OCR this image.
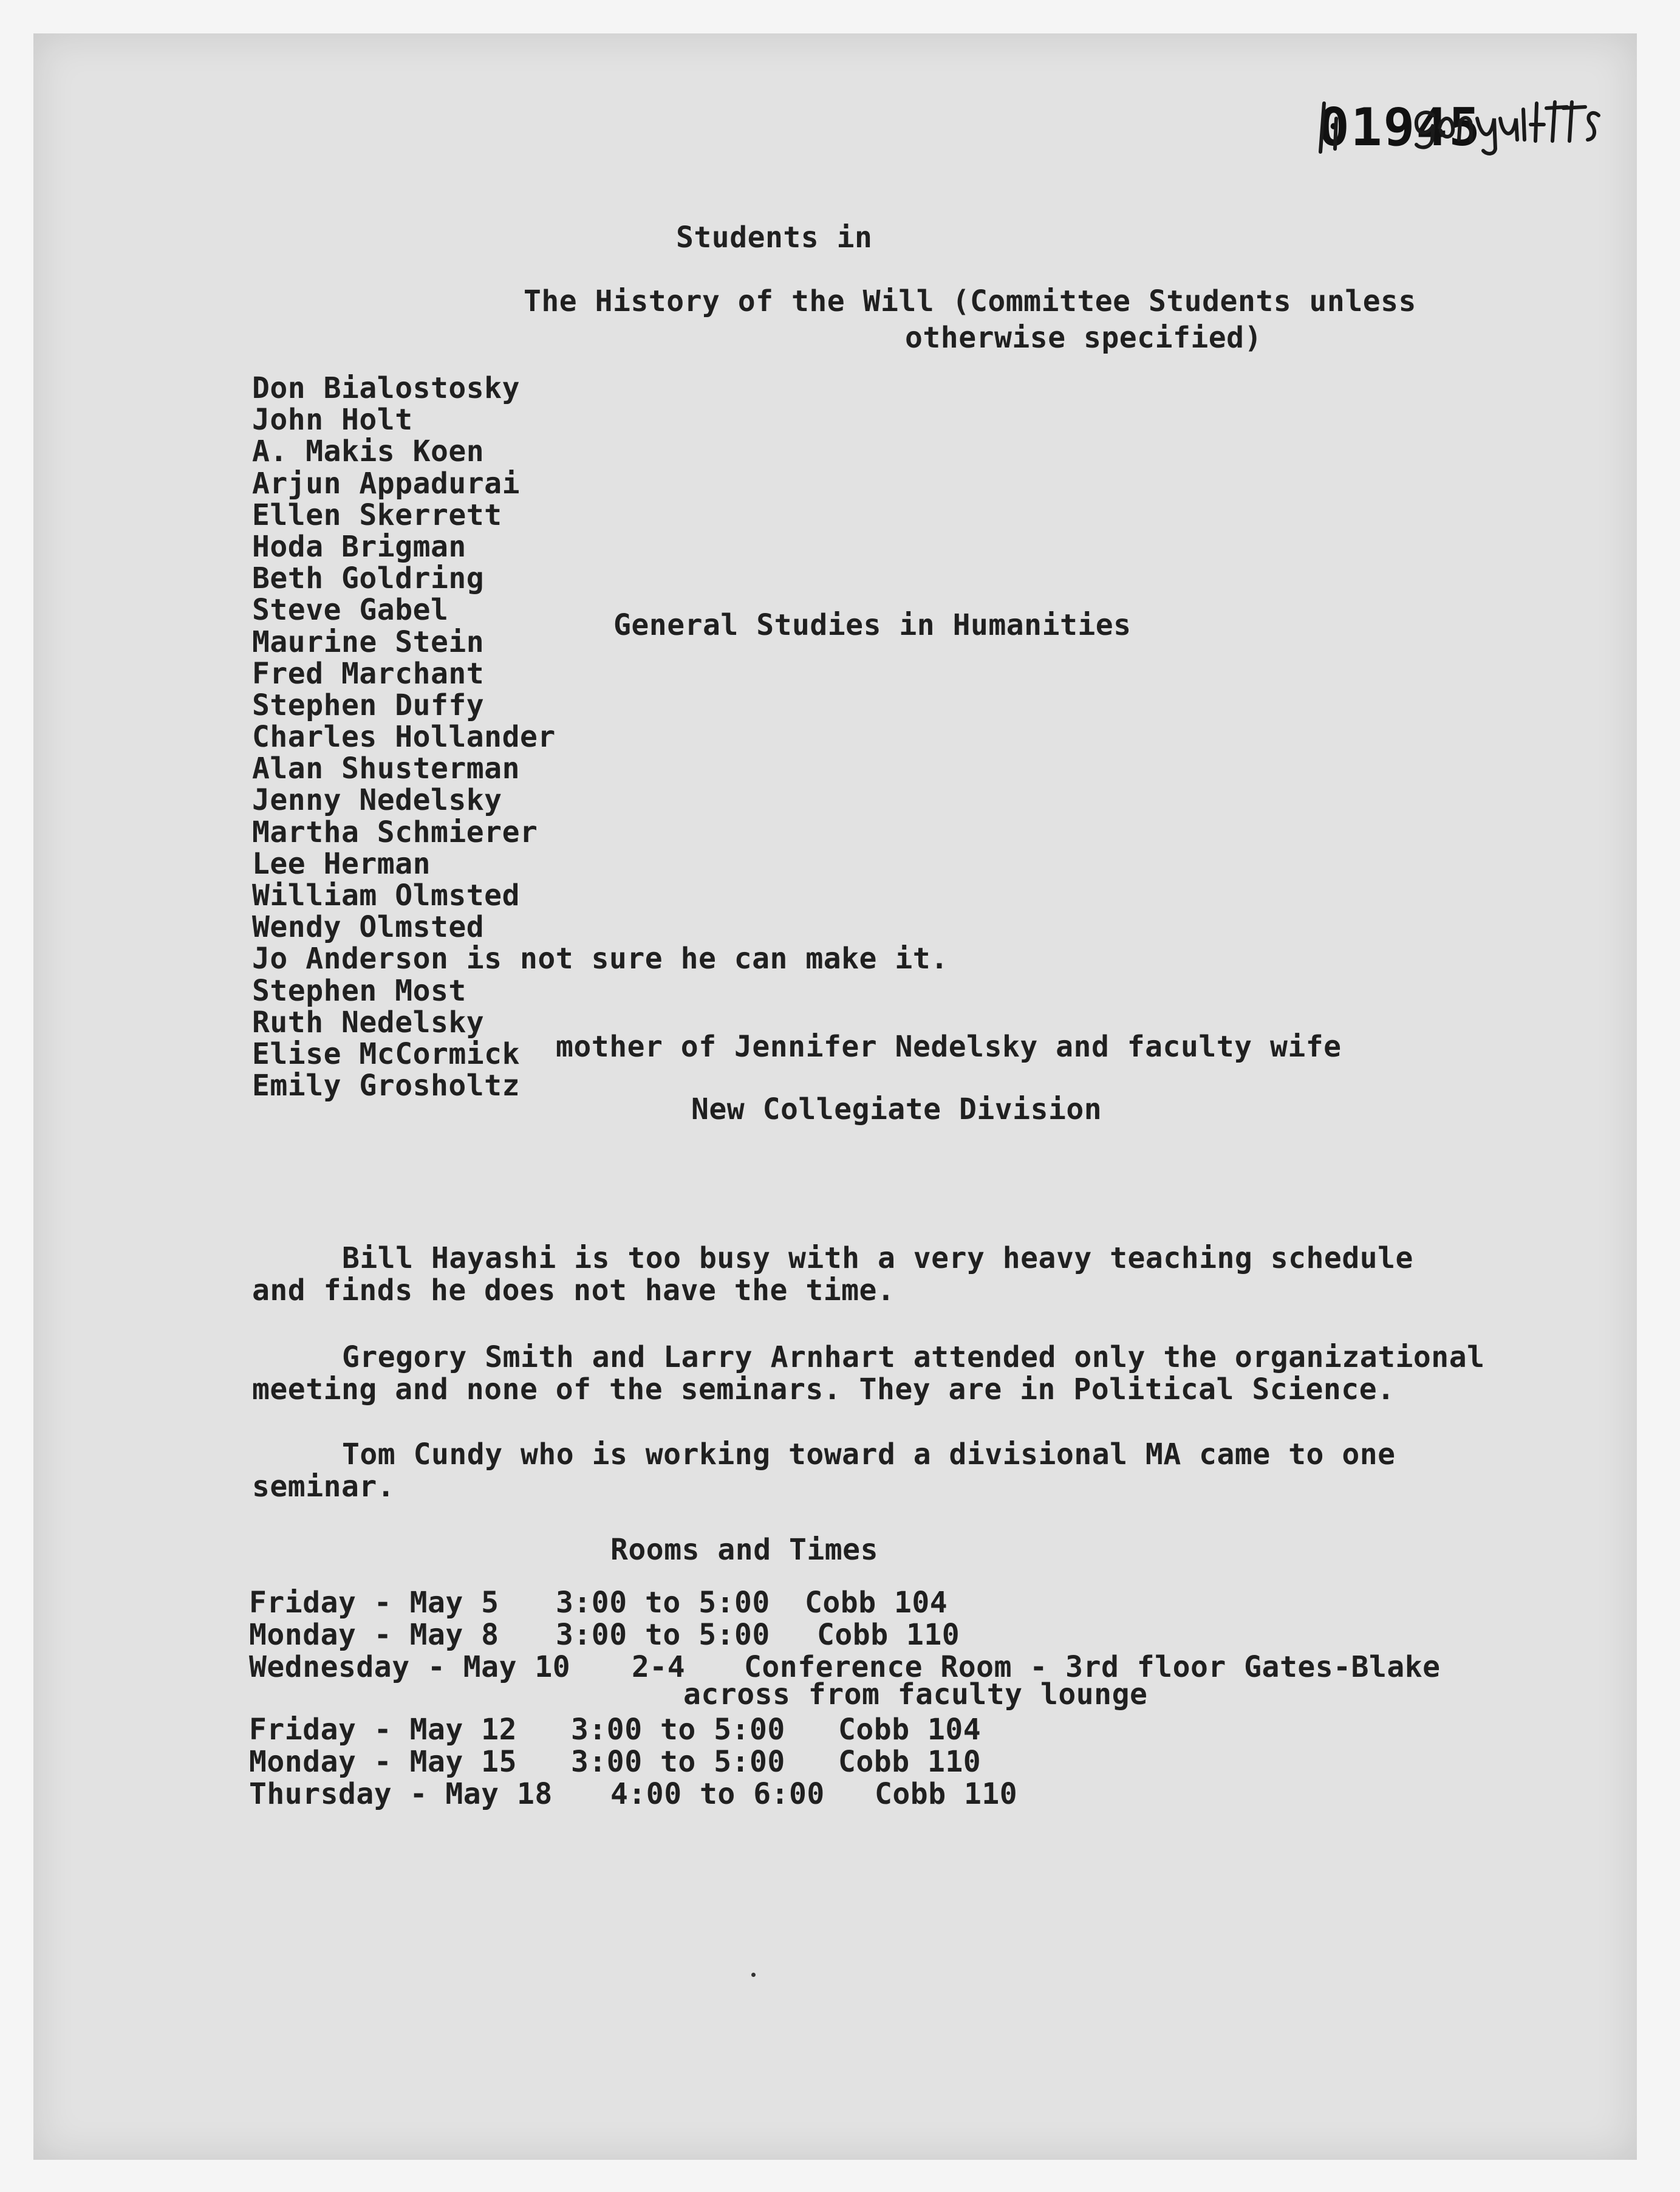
0194​5
Students in
The History of the Will (Committee Students unless
otherwise specified)
Don Bialostosky
John Holt
A. Makis Koen
Arjun Appadurai
Ellen Skerrett
Hoda Brigman
Beth Goldring
Steve Gabel
Maurine Stein
Fred Marchant
Stephen Duffy
Charles Hollander
Alan Shusterman
Jenny Nedelsky
Martha Schmierer
Lee Herman
William Olmsted
Wendy Olmsted
Jo Anderson is not sure he can make it.
Stephen Most
Ruth Nedelsky
Elise McCormick
Emily Grosholtz
General Studies in Humanities
mother of Jennifer Nedelsky and faculty wife
New Collegiate Division
Bill Hayashi is too busy with a very heavy teaching schedule
and finds he does not have the time.
Gregory Smith and Larry Arnhart attended only the organizational
meeting and none of the seminars. They are in Political Science.
Tom Cundy who is working toward a divisional MA came to one
seminar.
Rooms and Times
Friday - May 5 3:00 to 5:00 Cobb 104
Monday - May 8 3:00 to 5:00 Cobb 110
Wednesday - May 10 2-4 Conference Room - 3rd floor Gates-Blake
across from faculty lounge
Friday - May 12 3:00 to 5:00 Cobb 104
Monday - May 15 3:00 to 5:00 Cobb 110
Thursday - May 18 4:00 to 6:00 Cobb 110
